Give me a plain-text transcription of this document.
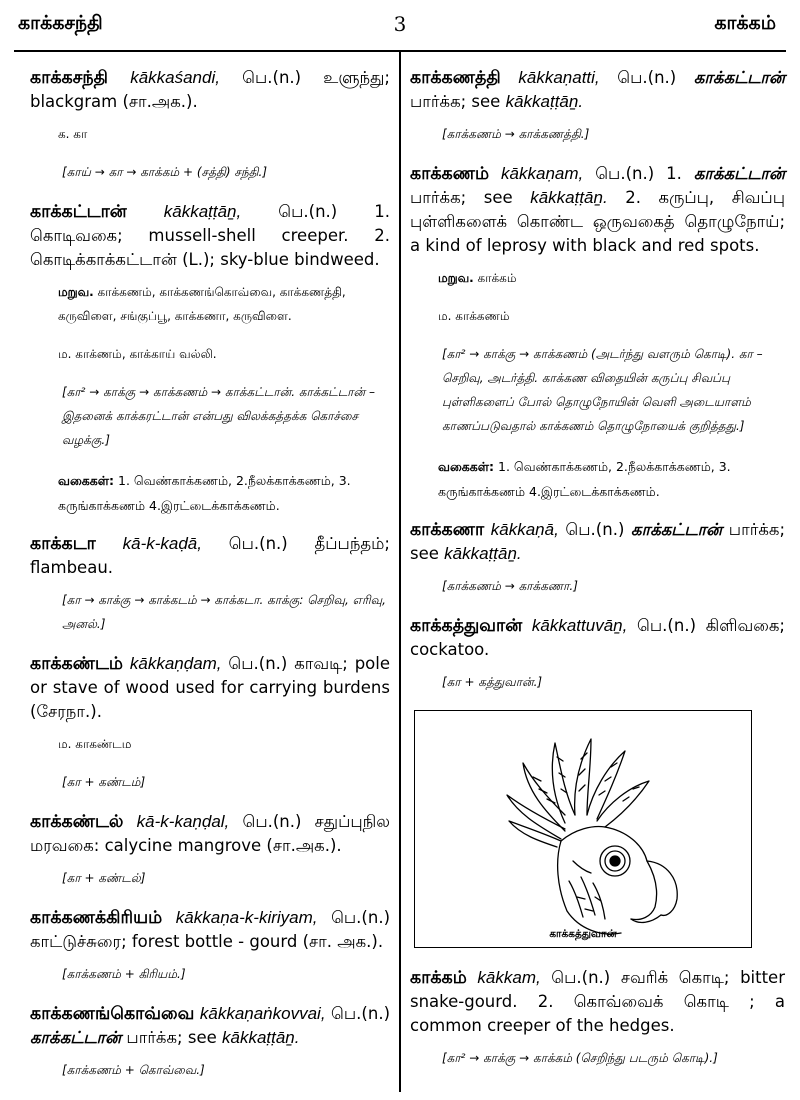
காக்கசந்தி	3	காக்கம்
காக்கசந்தி kākkaśandi, பெ.(n.) உளுந்து; blackgram (சா.அக.).
க. கா
[காய் → கா → காக்கம் + (சத்தி) சந்தி.]
காக்கட்டான் kākkaṭṭāṉ, பெ.(n.) 1. கொடிவகை; mussell-shell creeper. 2. கொடிக்காக்கட்டான் (L.); sky-blue bindweed.
மறுவ. காக்கணம், காக்கணங்கொவ்வை, காக்கணத்தி, கருவிளை, சங்குப்பூ, காக்கணா, கருவிளை.
ம. காக்ணம், காக்காய் வல்லி.
[கா² → காக்கு → காக்கணம் → காக்கட்டான். காக்கட்டான் – இதனைக் காக்கரட்டான் என்பது விலக்கத்தக்க கொச்சை வழக்கு.]
வகைகள்: 1. வெண்காக்கணம், 2.நீலக்காக்கணம், 3. கருங்காக்கணம் 4.இரட்டைக்காக்கணம்.
காக்கடா kā-k-kaḍā, பெ.(n.) தீப்பந்தம்; flambeau.
[கா → காக்கு → காக்கடம் → காக்கடா. காக்கு: செறிவு, எரிவு, அனல்.]
காக்கண்டம் kākkaṇḍam, பெ.(n.) காவடி; pole or stave of wood used for carrying burdens (சேரநா.).
ம. காகண்டம
[கா + கண்டம்]
காக்கண்டல் kā-k-kaṇḍal, பெ.(n.) சதுப்புநில மரவகை: calycine mangrove (சா.அக.).
[கா + கண்டல்]
காக்கணக்கிரியம் kākkaṇa-k-kiriyam, பெ.(n.) காட்டுச்சுரை; forest bottle - gourd (சா. அக.).
[காக்கணம் + கிரியம்.]
காக்கணங்கொவ்வை kākkaṇaṅkovvai, பெ.(n.) காக்கட்டான் பார்க்க; see kākkaṭṭāṉ.
[காக்கணம் + கொவ்வை.]
காக்கணத்தி kākkaṇatti, பெ.(n.) காக்கட்டான் பார்க்க; see kākkaṭṭāṉ.
[காக்கணம் → காக்கணத்தி.]
காக்கணம் kākkaṇam, பெ.(n.) 1. காக்கட்டான் பார்க்க; see kākkaṭṭāṉ. 2. கருப்பு, சிவப்பு புள்ளிகளைக் கொண்ட ஒருவகைத் தொழுநோய்; a kind of leprosy with black and red spots.
மறுவ. காக்கம்
ம. காக்கணம்
[கா² → காக்கு → காக்கணம் (அடர்ந்து வளரும் கொடி). கா – செறிவு, அடர்த்தி. காக்கண விதையின் கருப்பு சிவப்பு புள்ளிகளைப் போல் தொழுநோயின் வெளி அடையாளம் காணப்படுவதால் காக்கணம் தொழுநோயைக் குறித்தது.]
வகைகள்: 1. வெண்காக்கணம், 2.நீலக்காக்கணம், 3. கருங்காக்கணம் 4.இரட்டைக்காக்கணம்.
காக்கணா kākkaṇā, பெ.(n.) காக்கட்டான் பார்க்க; see kākkaṭṭāṉ.
[காக்கணம் → காக்கணா.]
காக்கத்துவான் kākkattuvāṉ, பெ.(n.) கிளிவகை; cockatoo.
[கா + கத்துவான்.]
காக்கத்துவான்
காக்கம் kākkam, பெ.(n.) சவரிக் கொடி; bitter snake-gourd. 2. கொவ்வைக் கொடி ; a common creeper of the hedges.
[கா² → காக்கு → காக்கம் (செறிந்து படரும் கொடி).]
